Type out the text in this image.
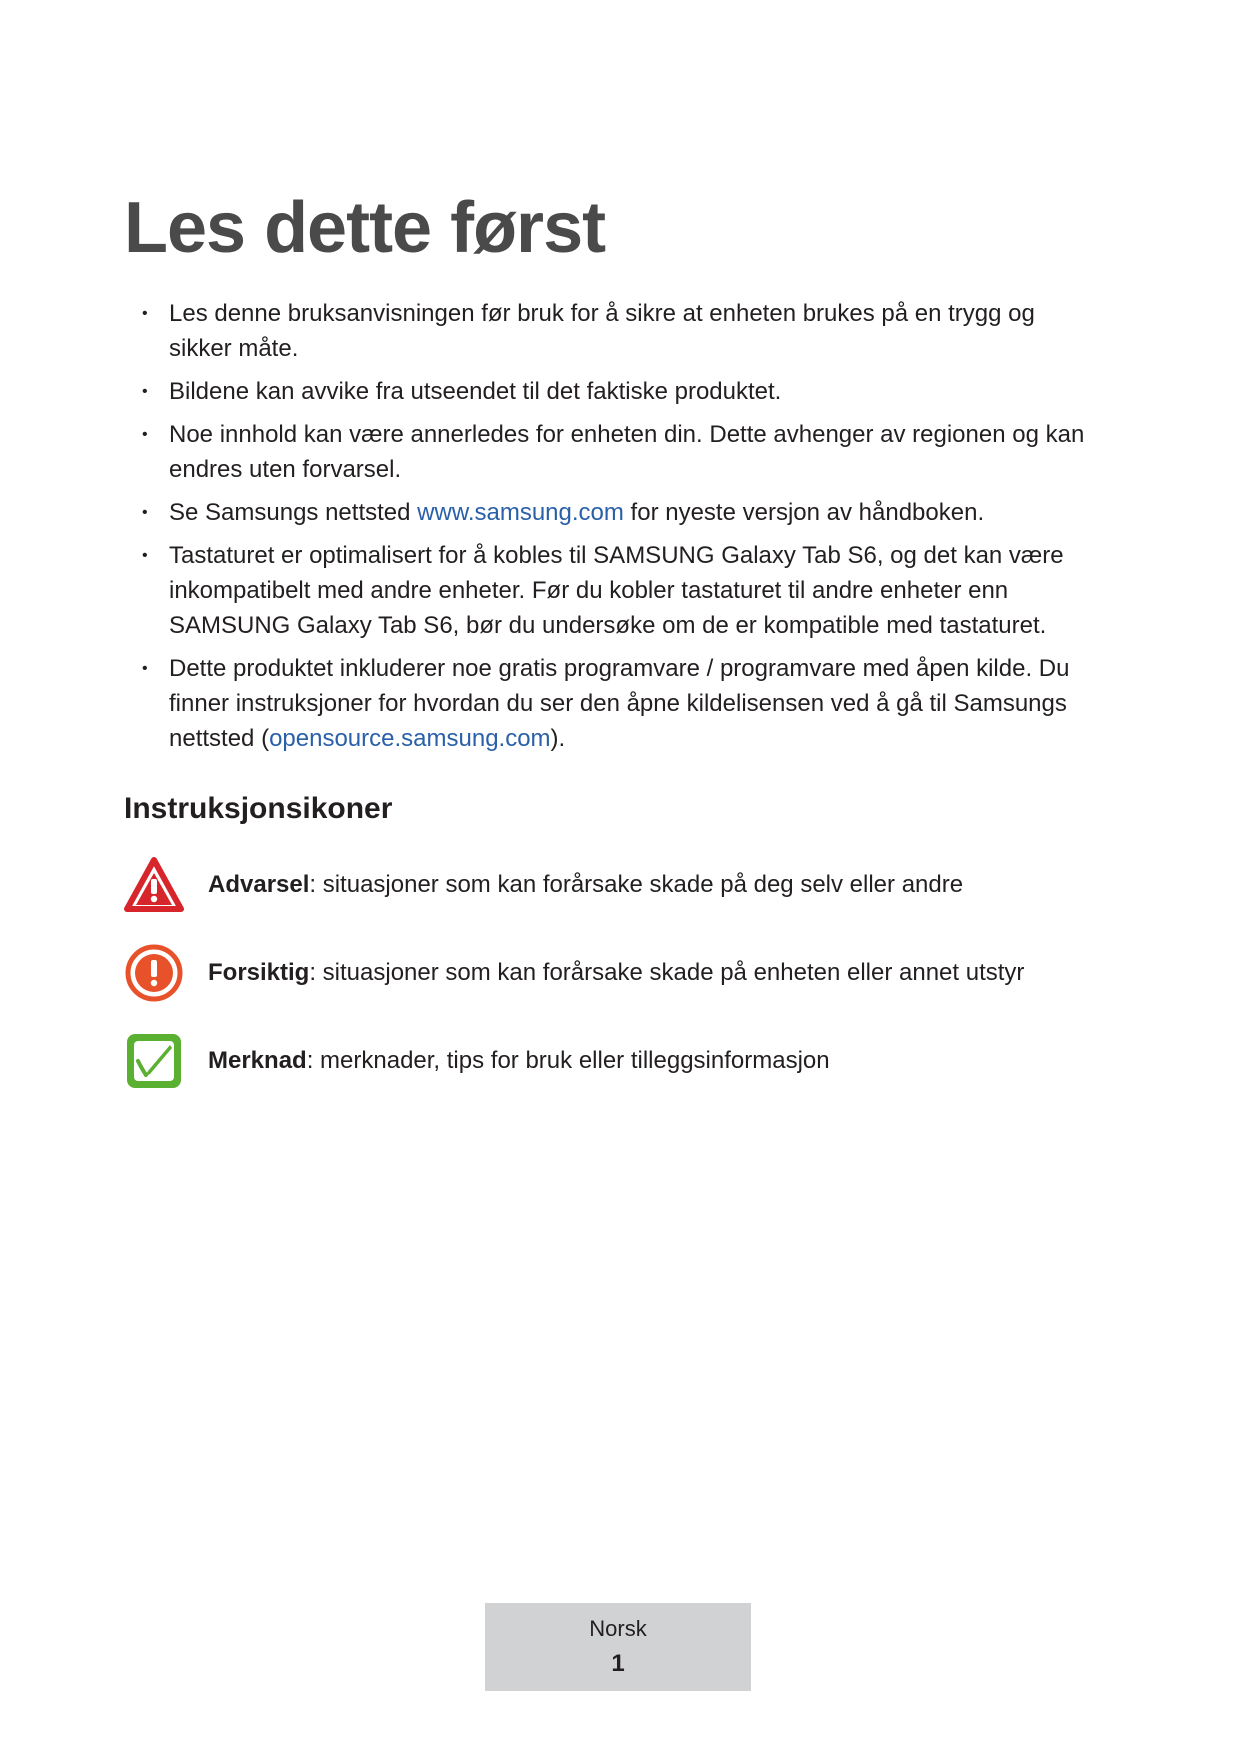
Les dette først
• Les denne bruksanvisningen før bruk for å sikre at enheten brukes på en trygg og sikker måte.
• Bildene kan avvike fra utseendet til det faktiske produktet.
• Noe innhold kan være annerledes for enheten din. Dette avhenger av regionen og kan endres uten forvarsel.
• Se Samsungs nettsted www.samsung.com for nyeste versjon av håndboken.
• Tastaturet er optimalisert for å kobles til SAMSUNG Galaxy Tab S6, og det kan være inkompatibelt med andre enheter. Før du kobler tastaturet til andre enheter enn SAMSUNG Galaxy Tab S6, bør du undersøke om de er kompatible med tastaturet.
• Dette produktet inkluderer noe gratis programvare / programvare med åpen kilde. Du finner instruksjoner for hvordan du ser den åpne kildelisensen ved å gå til Samsungs nettsted (opensource.samsung.com).
Instruksjonsikoner
Advarsel: situasjoner som kan forårsake skade på deg selv eller andre
Forsiktig: situasjoner som kan forårsake skade på enheten eller annet utstyr
Merknad: merknader, tips for bruk eller tilleggsinformasjon
Norsk
1
